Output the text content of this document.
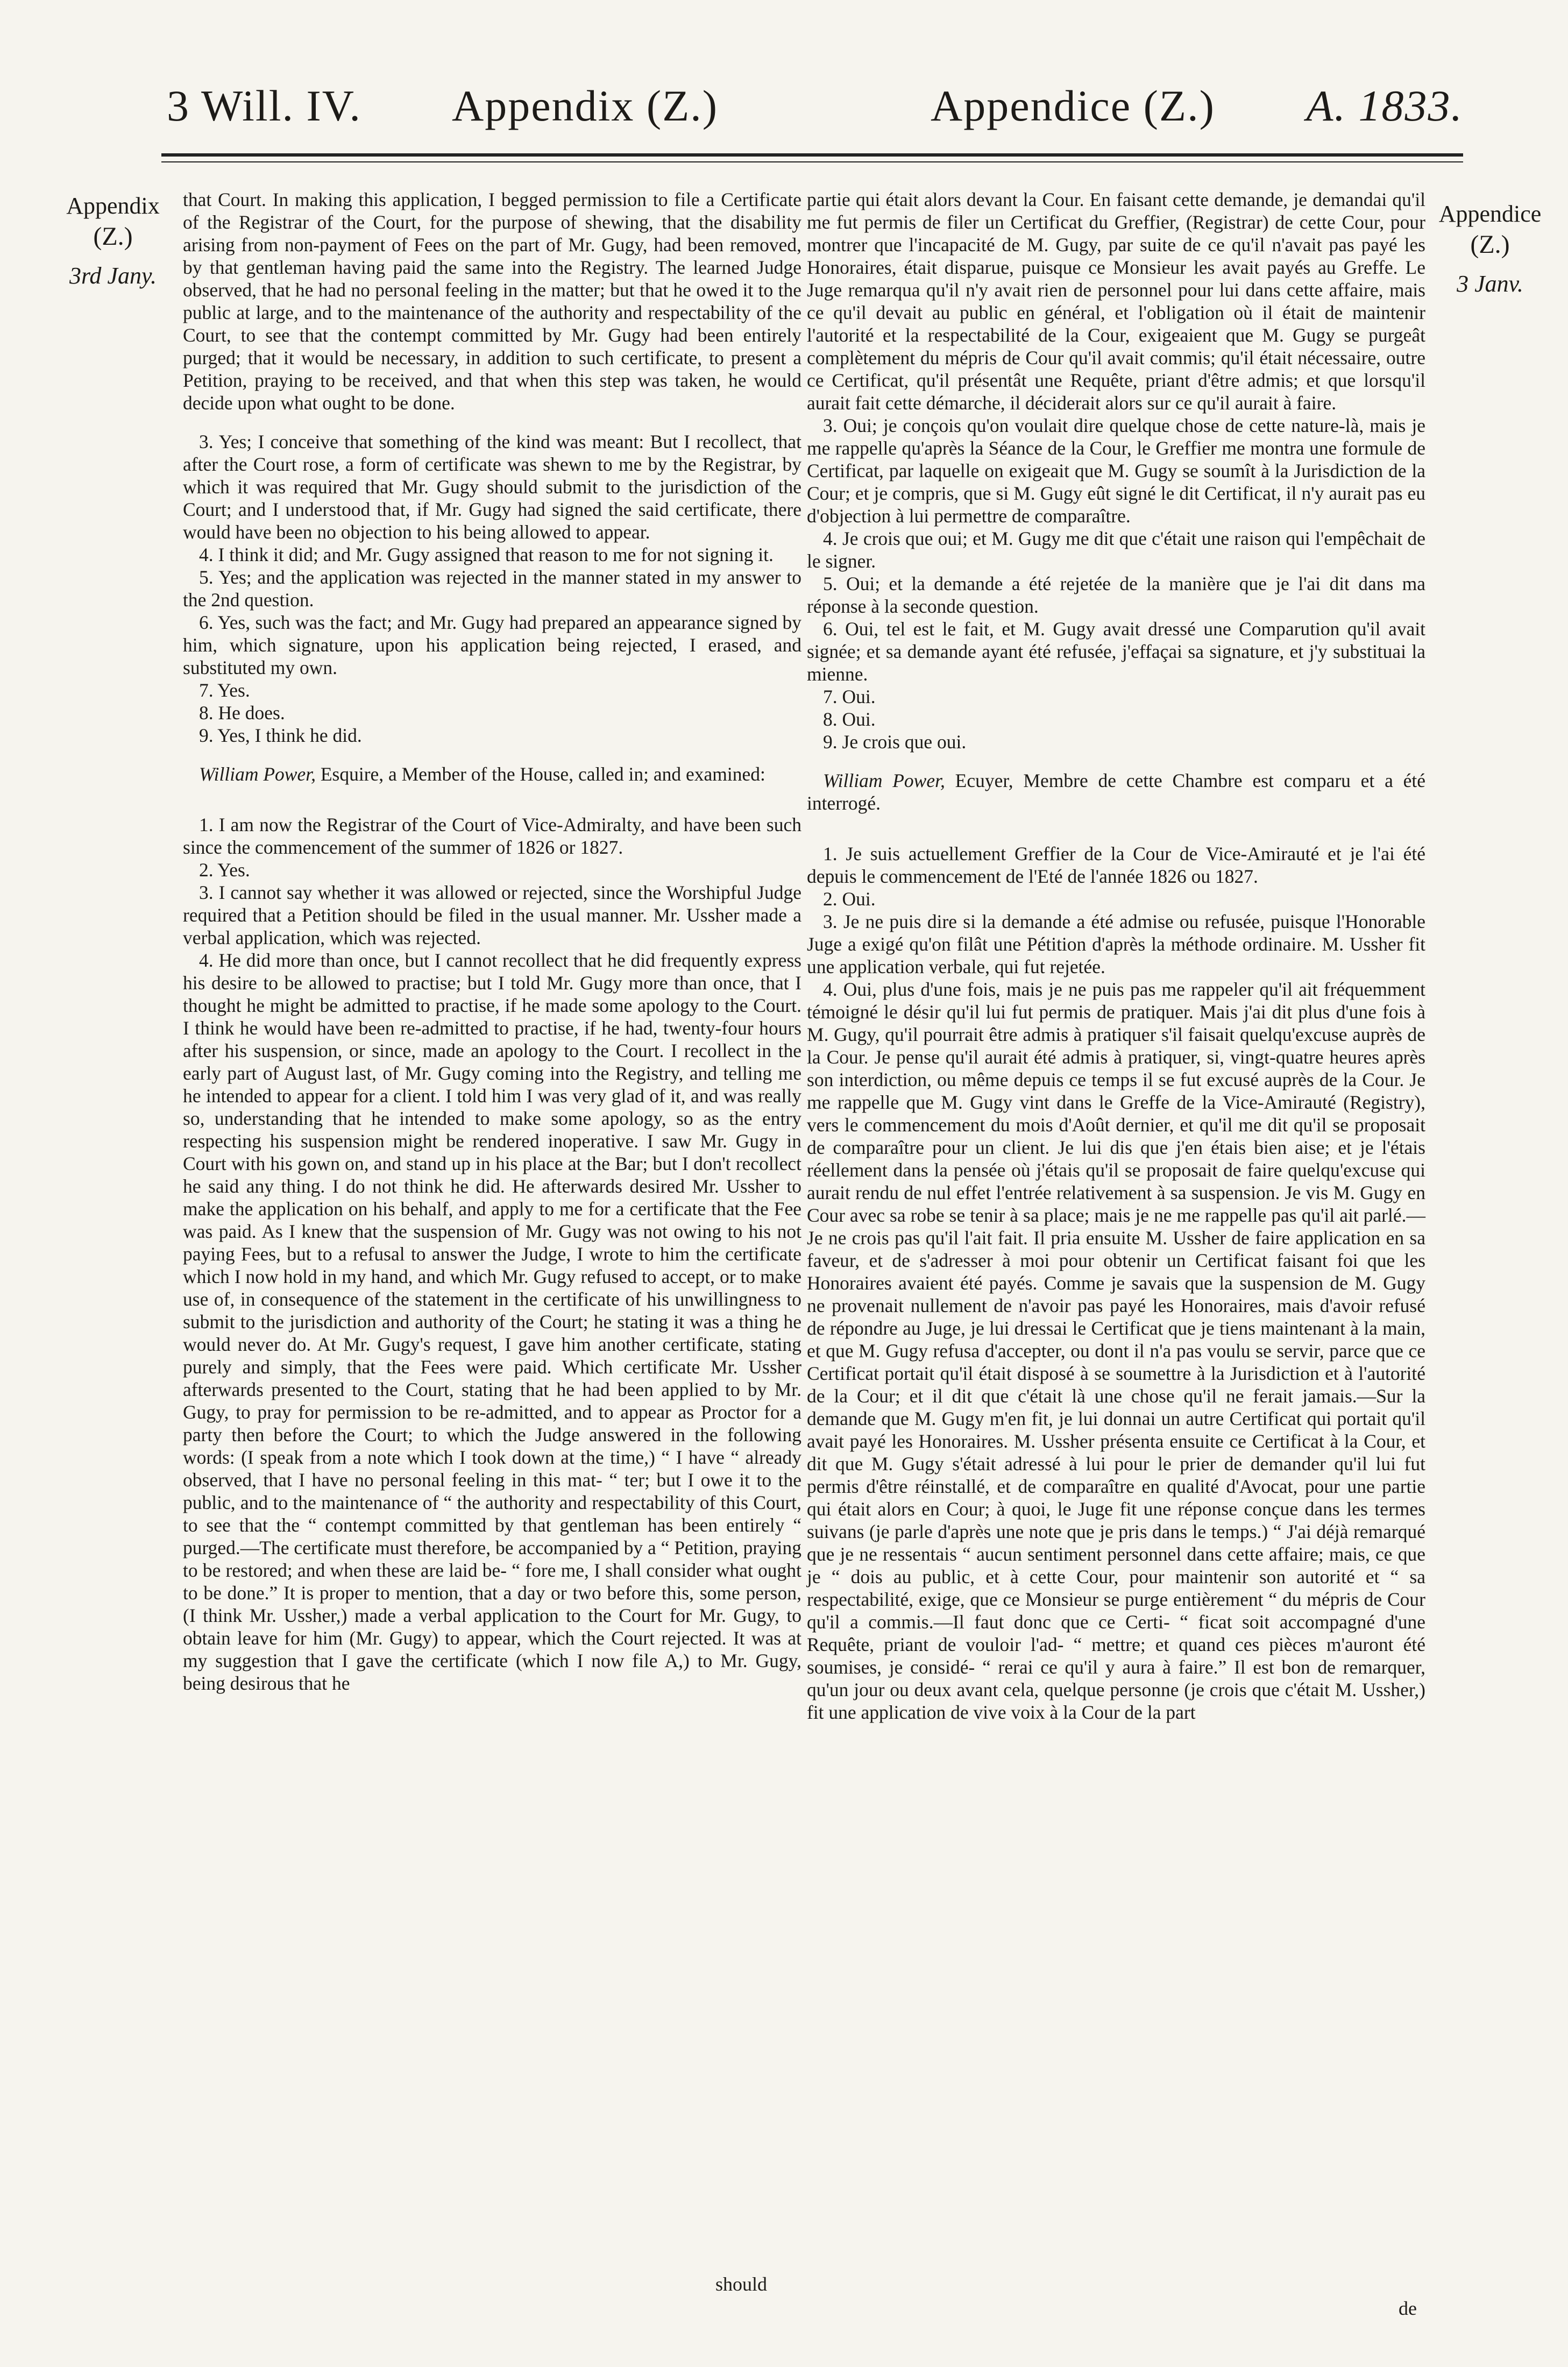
3 Will. IV. Appendix (Z.)	Appendice (Z.) A. 1833.
Appendix
(Z.)
3rd Jany.
Appendice
(Z.)
3 Janv.

that Court. In making this application, I begged permission to file a Certificate of the Registrar of the Court, for the purpose of shewing, that the disability arising from non-payment of Fees on the part of Mr. Gugy, had been removed, by that gentleman having paid the same into the Registry. The learned Judge observed, that he had no personal feeling in the matter; but that he owed it to the public at large, and to the maintenance of the authority and respectability of the Court, to see that the contempt committed by Mr. Gugy had been entirely purged; that it would be necessary, in addition to such certificate, to present a Petition, praying to be received, and that when this step was taken, he would decide upon what ought to be done.

3. Yes; I conceive that something of the kind was meant: But I recollect, that after the Court rose, a form of certificate was shewn to me by the Registrar, by which it was required that Mr. Gugy should submit to the jurisdiction of the Court; and I understood that, if Mr. Gugy had signed the said certificate, there would have been no objection to his being allowed to appear.

4. I think it did; and Mr. Gugy assigned that reason to me for not signing it.

5. Yes; and the application was rejected in the manner stated in my answer to the 2nd question.

6. Yes, such was the fact; and Mr. Gugy had prepared an appearance signed by him, which signature, upon his application being rejected, I erased, and substituted my own.

7. Yes.

8. He does.

9. Yes, I think he did.

William Power, Esquire, a Member of the House, called in; and examined:

1. I am now the Registrar of the Court of Vice-Admiralty, and have been such since the commencement of the summer of 1826 or 1827.

2. Yes.

3. I cannot say whether it was allowed or rejected, since the Worshipful Judge required that a Petition should be filed in the usual manner. Mr. Ussher made a verbal application, which was rejected.

4. He did more than once, but I cannot recollect that he did frequently express his desire to be allowed to practise; but I told Mr. Gugy more than once, that I thought he might be admitted to practise, if he made some apology to the Court. I think he would have been re-admitted to practise, if he had, twenty-four hours after his suspension, or since, made an apology to the Court. I recollect in the early part of August last, of Mr. Gugy coming into the Registry, and telling me he intended to appear for a client. I told him I was very glad of it, and was really so, understanding that he intended to make some apology, so as the entry respecting his suspension might be rendered inoperative. I saw Mr. Gugy in Court with his gown on, and stand up in his place at the Bar; but I don't recollect he said any thing. I do not think he did. He afterwards desired Mr. Ussher to make the application on his behalf, and apply to me for a certificate that the Fee was paid. As I knew that the suspension of Mr. Gugy was not owing to his not paying Fees, but to a refusal to answer the Judge, I wrote to him the certificate which I now hold in my hand, and which Mr. Gugy refused to accept, or to make use of, in consequence of the statement in the certificate of his unwillingness to submit to the jurisdiction and authority of the Court; he stating it was a thing he would never do. At Mr. Gugy's request, I gave him another certificate, stating purely and simply, that the Fees were paid. Which certificate Mr. Ussher afterwards presented to the Court, stating that he had been applied to by Mr. Gugy, to pray for permission to be re-admitted, and to appear as Proctor for a party then before the Court; to which the Judge answered in the following words: (I speak from a note which I took down at the time,) “ I have “ already observed, that I have no personal feeling in this mat- “ ter; but I owe it to the public, and to the maintenance of “ the authority and respectability of this Court, to see that the “ contempt committed by that gentleman has been entirely “ purged.—The certificate must therefore, be accompanied by a “ Petition, praying to be restored; and when these are laid be- “ fore me, I shall consider what ought to be done.” It is proper to mention, that a day or two before this, some person, (I think Mr. Ussher,) made a verbal application to the Court for Mr. Gugy, to obtain leave for him (Mr. Gugy) to appear, which the Court rejected. It was at my suggestion that I gave the certificate (which I now file A,) to Mr. Gugy, being desirous that he

should

partie qui était alors devant la Cour. En faisant cette demande, je demandai qu'il me fut permis de filer un Certificat du Greffier, (Registrar) de cette Cour, pour montrer que l'incapacité de M. Gugy, par suite de ce qu'il n'avait pas payé les Honoraires, était disparue, puisque ce Monsieur les avait payés au Greffe. Le Juge remarqua qu'il n'y avait rien de personnel pour lui dans cette affaire, mais ce qu'il devait au public en général, et l'obligation où il était de maintenir l'autorité et la respectabilité de la Cour, exigeaient que M. Gugy se purgeât complètement du mépris de Cour qu'il avait commis; qu'il était nécessaire, outre ce Certificat, qu'il présentât une Requête, priant d'être admis; et que lorsqu'il aurait fait cette démarche, il déciderait alors sur ce qu'il aurait à faire.

3. Oui; je conçois qu'on voulait dire quelque chose de cette nature-là, mais je me rappelle qu'après la Séance de la Cour, le Greffier me montra une formule de Certificat, par laquelle on exigeait que M. Gugy se soumît à la Jurisdiction de la Cour; et je compris, que si M. Gugy eût signé le dit Certificat, il n'y aurait pas eu d'objection à lui permettre de comparaître.

4. Je crois que oui; et M. Gugy me dit que c'était une raison qui l'empêchait de le signer.

5. Oui; et la demande a été rejetée de la manière que je l'ai dit dans ma réponse à la seconde question.

6. Oui, tel est le fait, et M. Gugy avait dressé une Comparution qu'il avait signée; et sa demande ayant été refusée, j'effaçai sa signature, et j'y substituai la mienne.

7. Oui.

8. Oui.

9. Je crois que oui.

William Power, Ecuyer, Membre de cette Chambre est comparu et a été interrogé.

1. Je suis actuellement Greffier de la Cour de Vice-Amirauté et je l'ai été depuis le commencement de l'Eté de l'année 1826 ou 1827.

2. Oui.

3. Je ne puis dire si la demande a été admise ou refusée, puisque l'Honorable Juge a exigé qu'on filât une Pétition d'après la méthode ordinaire. M. Ussher fit une application verbale, qui fut rejetée.

4. Oui, plus d'une fois, mais je ne puis pas me rappeler qu'il ait fréquemment témoigné le désir qu'il lui fut permis de pratiquer. Mais j'ai dit plus d'une fois à M. Gugy, qu'il pourrait être admis à pratiquer s'il faisait quelqu'excuse auprès de la Cour. Je pense qu'il aurait été admis à pratiquer, si, vingt-quatre heures après son interdiction, ou même depuis ce temps il se fut excusé auprès de la Cour. Je me rappelle que M. Gugy vint dans le Greffe de la Vice-Amirauté (Registry), vers le commencement du mois d'Août dernier, et qu'il me dit qu'il se proposait de comparaître pour un client. Je lui dis que j'en étais bien aise; et je l'étais réellement dans la pensée où j'étais qu'il se proposait de faire quelqu'excuse qui aurait rendu de nul effet l'entrée relativement à sa suspension. Je vis M. Gugy en Cour avec sa robe se tenir à sa place; mais je ne me rappelle pas qu'il ait parlé.—Je ne crois pas qu'il l'ait fait. Il pria ensuite M. Ussher de faire application en sa faveur, et de s'adresser à moi pour obtenir un Certificat faisant foi que les Honoraires avaient été payés. Comme je savais que la suspension de M. Gugy ne provenait nullement de n'avoir pas payé les Honoraires, mais d'avoir refusé de répondre au Juge, je lui dressai le Certificat que je tiens maintenant à la main, et que M. Gugy refusa d'accepter, ou dont il n'a pas voulu se servir, parce que ce Certificat portait qu'il était disposé à se soumettre à la Jurisdiction et à l'autorité de la Cour; et il dit que c'était là une chose qu'il ne ferait jamais.—Sur la demande que M. Gugy m'en fit, je lui donnai un autre Certificat qui portait qu'il avait payé les Honoraires. M. Ussher présenta ensuite ce Certificat à la Cour, et dit que M. Gugy s'était adressé à lui pour le prier de demander qu'il lui fut permis d'être réinstallé, et de comparaître en qualité d'Avocat, pour une partie qui était alors en Cour; à quoi, le Juge fit une réponse conçue dans les termes suivans (je parle d'après une note que je pris dans le temps.) “ J'ai déjà remarqué que je ne ressentais “ aucun sentiment personnel dans cette affaire; mais, ce que je “ dois au public, et à cette Cour, pour maintenir son autorité et “ sa respectabilité, exige, que ce Monsieur se purge entièrement “ du mépris de Cour qu'il a commis.—Il faut donc que ce Certi- “ ficat soit accompagné d'une Requête, priant de vouloir l'ad- “ mettre; et quand ces pièces m'auront été soumises, je considé- “ rerai ce qu'il y aura à faire.” Il est bon de remarquer, qu'un jour ou deux avant cela, quelque personne (je crois que c'était M. Ussher,) fit une application de vive voix à la Cour de la part

de
